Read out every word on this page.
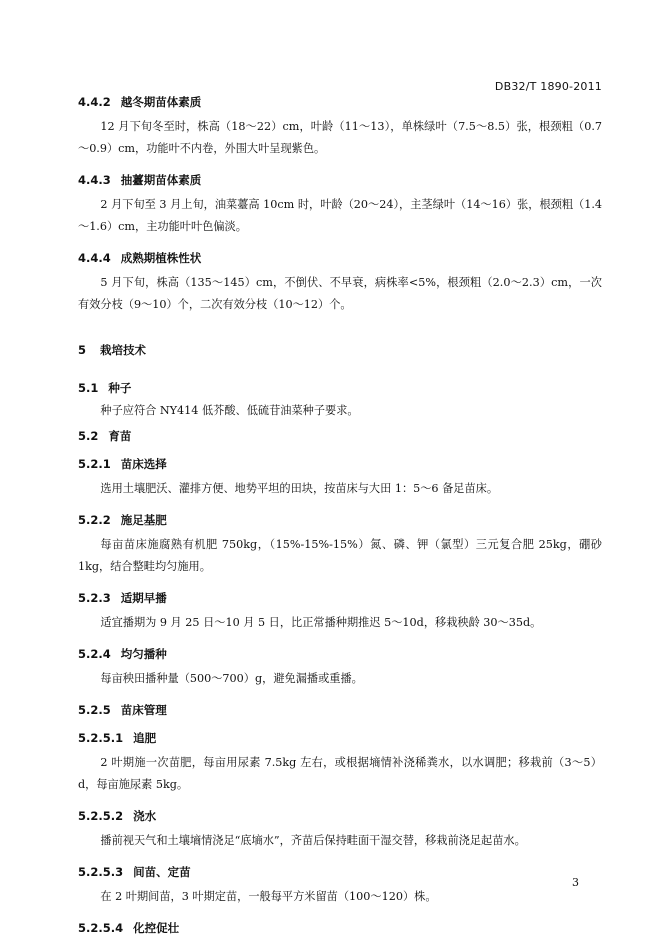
DB32/T 1890-2011
4.4.2 越冬期苗体素质

12 月下旬冬至时，株高（18～22）cm，叶龄（11～13），单株绿叶（7.5～8.5）张，根颈粗（0.7～0.9）cm，功能叶不内卷，外围大叶呈现紫色。

4.4.3 抽薹期苗体素质

2 月下旬至 3 月上旬，油菜薹高 10cm 时，叶龄（20～24），主茎绿叶（14～16）张，根颈粗（1.4～1.6）cm，主功能叶叶色偏淡。

4.4.4 成熟期植株性状

5 月下旬，株高（135～145）cm，不倒伏、不早衰，病株率<5%，根颈粗（2.0～2.3）cm，一次有效分枝（9～10）个，二次有效分枝（10～12）个。

5 栽培技术
5.1 种子

种子应符合 NY414 低芥酸、低硫苷油菜种子要求。

5.2 育苗
5.2.1 苗床选择

选用土壤肥沃、灌排方便、地势平坦的田块，按苗床与大田 1：5～6 备足苗床。

5.2.2 施足基肥

每亩苗床施腐熟有机肥 750kg，（15%-15%-15%）氮、磷、钾（氯型）三元复合肥 25kg，硼砂 1kg，结合整畦均匀施用。

5.2.3 适期早播

适宜播期为 9 月 25 日～10 月 5 日，比正常播种期推迟 5～10d，移栽秧龄 30～35d。

5.2.4 均匀播种

每亩秧田播种量（500～700）g，避免漏播或重播。

5.2.5 苗床管理
5.2.5.1 追肥

2 叶期施一次苗肥，每亩用尿素 7.5kg 左右，或根据墒情补浇稀粪水，以水调肥；移栽前（3～5）d，每亩施尿素 5kg。

5.2.5.2 浇水

播前视天气和土壤墒情浇足“底墒水”，齐苗后保持畦面干湿交替，移栽前浇足起苗水。

5.2.5.3 间苗、定苗

在 2 叶期间苗，3 叶期定苗，一般每平方米留苗（100～120）株。

5.2.5.4 化控促壮
3
